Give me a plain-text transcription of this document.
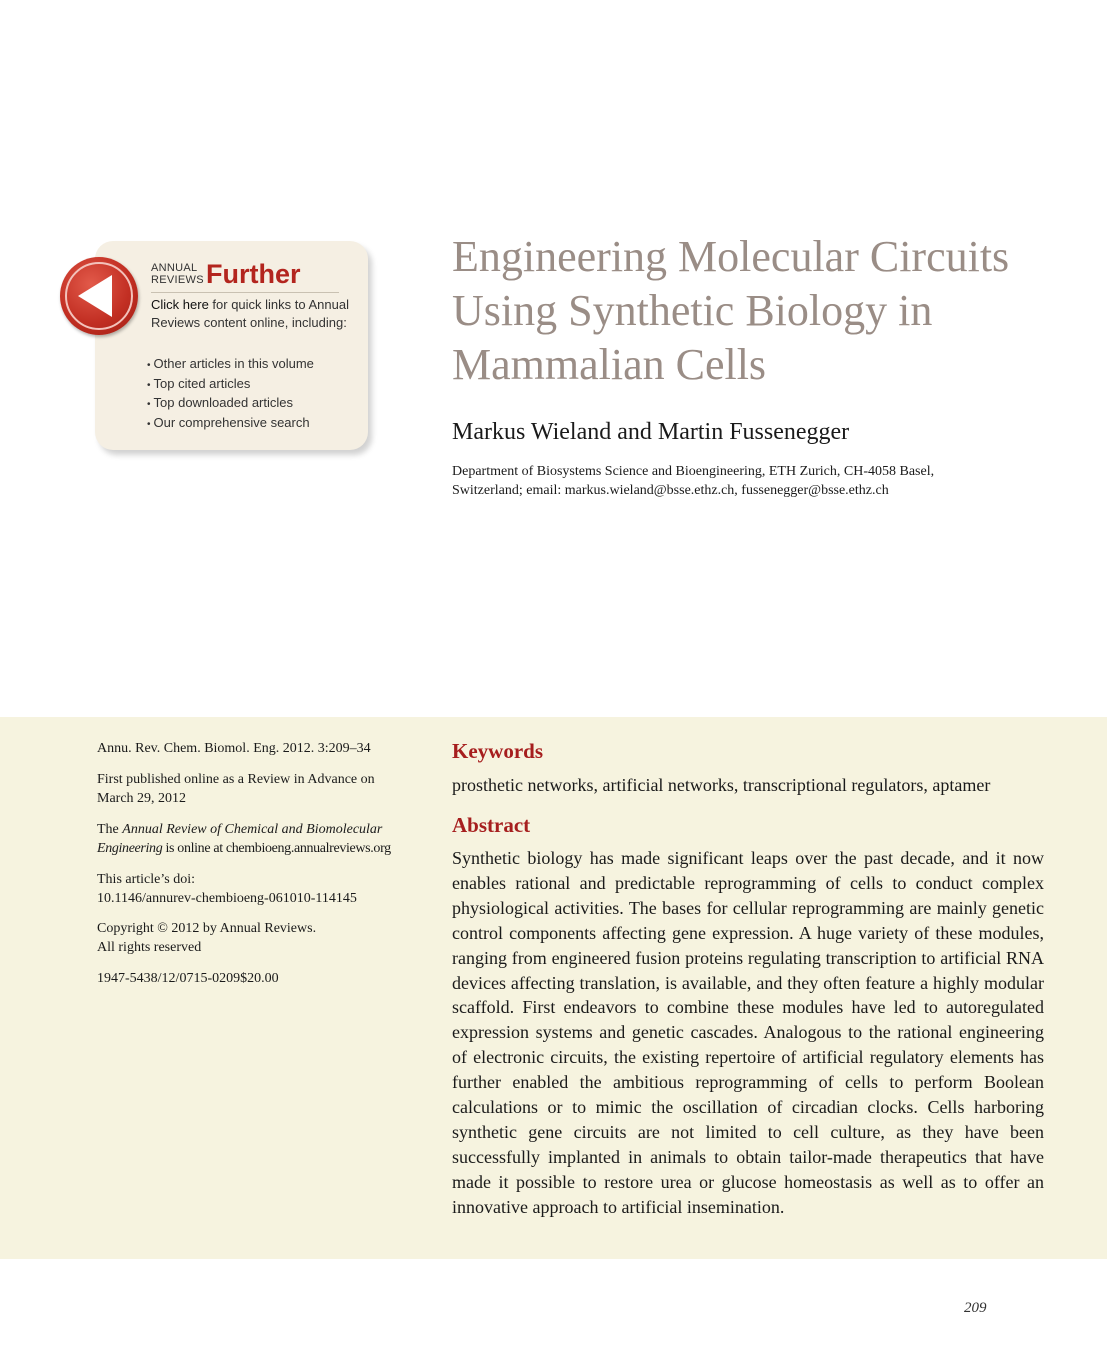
ANNUAL
REVIEWS Further
Click here for quick links to Annual Reviews content online, including:
• Other articles in this volume
• Top cited articles
• Top downloaded articles
• Our comprehensive search
Engineering Molecular Circuits
Using Synthetic Biology in
Mammalian Cells
Markus Wieland and Martin Fussenegger
Department of Biosystems Science and Bioengineering, ETH Zurich, CH-4058 Basel,
Switzerland; email: markus.wieland@bsse.ethz.ch, fussenegger@bsse.ethz.ch
Annu. Rev. Chem. Biomol. Eng. 2012. 3:209–34
First published online as a Review in Advance on
March 29, 2012
The Annual Review of Chemical and Biomolecular
Engineering is online at chembioeng.annualreviews.org
This article’s doi:
10.1146/annurev-chembioeng-061010-114145
Copyright © 2012 by Annual Reviews.
All rights reserved
1947-5438/12/0715-0209$20.00
Keywords
prosthetic networks, artificial networks, transcriptional regulators, aptamer
Abstract

Synthetic biology has made significant leaps over the past decade, and it now enables rational and predictable reprogramming of cells to conduct complex physiological activities. The bases for cellular reprogramming are mainly genetic control components affecting gene expression. A huge variety of these modules, ranging from engineered fusion proteins regulating transcription to artificial RNA devices affecting translation, is available, and they often feature a highly modular scaffold. First endeavors to combine these modules have led to autoregulated expression systems and genetic cascades. Analogous to the rational engineering of electronic circuits, the existing repertoire of artificial regulatory elements has further enabled the ambitious reprogramming of cells to perform Boolean calculations or to mimic the oscillation of circadian clocks. Cells harboring synthetic gene circuits are not limited to cell culture, as they have been successfully implanted in animals to obtain tailor-made therapeutics that have made it possible to restore urea or glucose homeostasis as well as to offer an innovative approach to artificial insemination.

209
